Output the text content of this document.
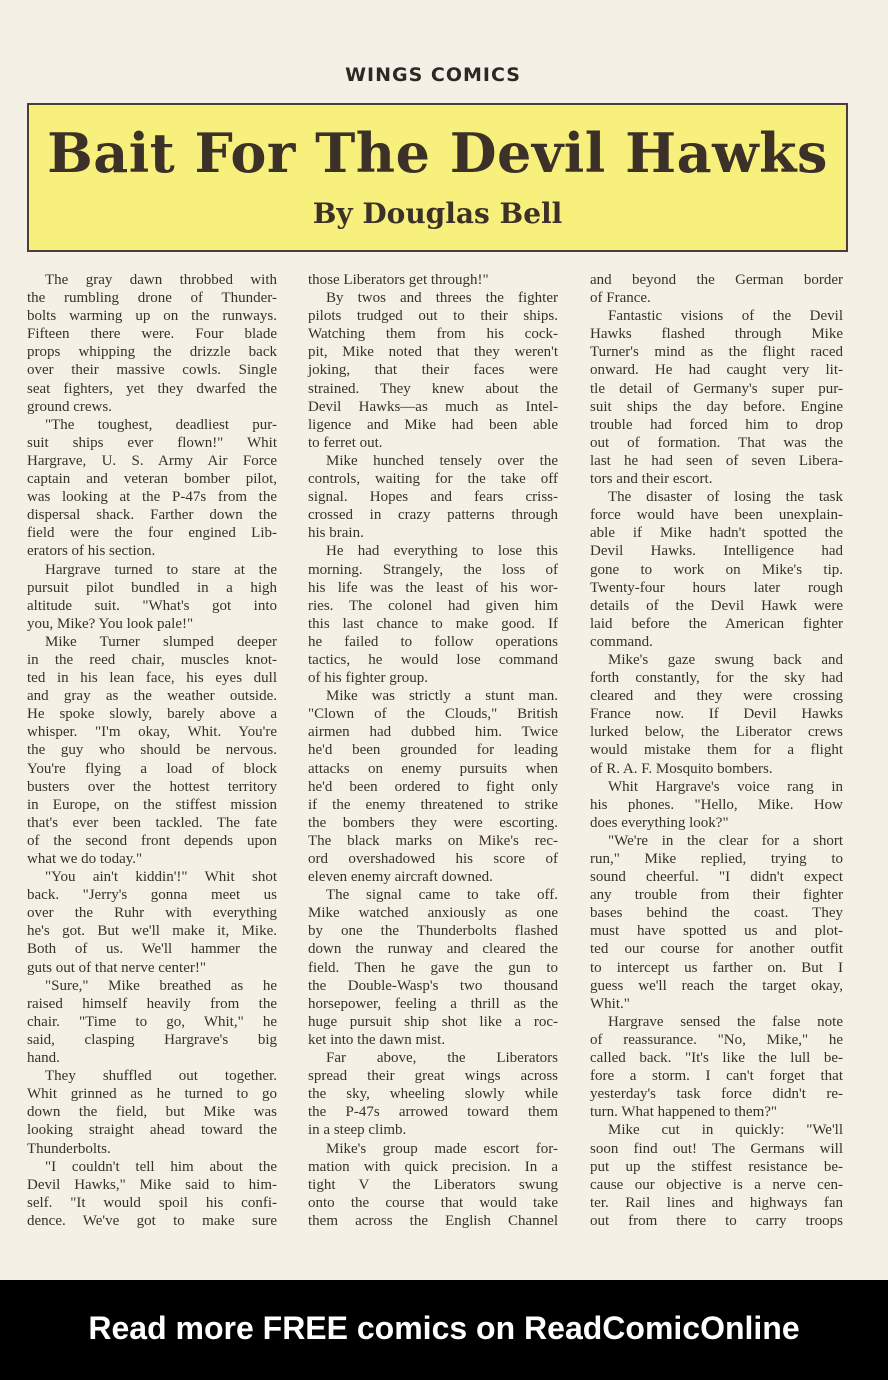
WINGS COMICS
Bait For The Devil Hawks
By Douglas Bell
The gray dawn throbbed with
the rumbling drone of Thunder-
bolts warming up on the runways.
Fifteen there were. Four blade
props whipping the drizzle back
over their massive cowls. Single
seat fighters, yet they dwarfed the
ground crews.
"The toughest, deadliest pur-
suit ships ever flown!" Whit
Hargrave, U. S. Army Air Force
captain and veteran bomber pilot,
was looking at the P-47s from the
dispersal shack. Farther down the
field were the four engined Lib-
erators of his section.
Hargrave turned to stare at the
pursuit pilot bundled in a high
altitude suit. "What's got into
you, Mike? You look pale!"
Mike Turner slumped deeper
in the reed chair, muscles knot-
ted in his lean face, his eyes dull
and gray as the weather outside.
He spoke slowly, barely above a
whisper. "I'm okay, Whit. You're
the guy who should be nervous.
You're flying a load of block
busters over the hottest territory
in Europe, on the stiffest mission
that's ever been tackled. The fate
of the second front depends upon
what we do today."
"You ain't kiddin'!" Whit shot
back. "Jerry's gonna meet us
over the Ruhr with everything
he's got. But we'll make it, Mike.
Both of us. We'll hammer the
guts out of that nerve center!"
"Sure," Mike breathed as he
raised himself heavily from the
chair. "Time to go, Whit," he
said, clasping Hargrave's big
hand.
They shuffled out together.
Whit grinned as he turned to go
down the field, but Mike was
looking straight ahead toward the
Thunderbolts.
"I couldn't tell him about the
Devil Hawks," Mike said to him-
self. "It would spoil his confi-
dence. We've got to make sure
those Liberators get through!"
By twos and threes the fighter
pilots trudged out to their ships.
Watching them from his cock-
pit, Mike noted that they weren't
joking, that their faces were
strained. They knew about the
Devil Hawks—as much as Intel-
ligence and Mike had been able
to ferret out.
Mike hunched tensely over the
controls, waiting for the take off
signal. Hopes and fears criss-
crossed in crazy patterns through
his brain.
He had everything to lose this
morning. Strangely, the loss of
his life was the least of his wor-
ries. The colonel had given him
this last chance to make good. If
he failed to follow operations
tactics, he would lose command
of his fighter group.
Mike was strictly a stunt man.
"Clown of the Clouds," British
airmen had dubbed him. Twice
he'd been grounded for leading
attacks on enemy pursuits when
he'd been ordered to fight only
if the enemy threatened to strike
the bombers they were escorting.
The black marks on Mike's rec-
ord overshadowed his score of
eleven enemy aircraft downed.
The signal came to take off.
Mike watched anxiously as one
by one the Thunderbolts flashed
down the runway and cleared the
field. Then he gave the gun to
the Double-Wasp's two thousand
horsepower, feeling a thrill as the
huge pursuit ship shot like a roc-
ket into the dawn mist.
Far above, the Liberators
spread their great wings across
the sky, wheeling slowly while
the P-47s arrowed toward them
in a steep climb.
Mike's group made escort for-
mation with quick precision. In a
tight V the Liberators swung
onto the course that would take
them across the English Channel
and beyond the German border
of France.
Fantastic visions of the Devil
Hawks flashed through Mike
Turner's mind as the flight raced
onward. He had caught very lit-
tle detail of Germany's super pur-
suit ships the day before. Engine
trouble had forced him to drop
out of formation. That was the
last he had seen of seven Libera-
tors and their escort.
The disaster of losing the task
force would have been unexplain-
able if Mike hadn't spotted the
Devil Hawks. Intelligence had
gone to work on Mike's tip.
Twenty-four hours later rough
details of the Devil Hawk were
laid before the American fighter
command.
Mike's gaze swung back and
forth constantly, for the sky had
cleared and they were crossing
France now. If Devil Hawks
lurked below, the Liberator crews
would mistake them for a flight
of R. A. F. Mosquito bombers.
Whit Hargrave's voice rang in
his phones. "Hello, Mike. How
does everything look?"
"We're in the clear for a short
run," Mike replied, trying to
sound cheerful. "I didn't expect
any trouble from their fighter
bases behind the coast. They
must have spotted us and plot-
ted our course for another outfit
to intercept us farther on. But I
guess we'll reach the target okay,
Whit."
Hargrave sensed the false note
of reassurance. "No, Mike," he
called back. "It's like the lull be-
fore a storm. I can't forget that
yesterday's task force didn't re-
turn. What happened to them?"
Mike cut in quickly: "We'll
soon find out! The Germans will
put up the stiffest resistance be-
cause our objective is a nerve cen-
ter. Rail lines and highways fan
out from there to carry troops
Read more FREE comics on ReadComicOnline
